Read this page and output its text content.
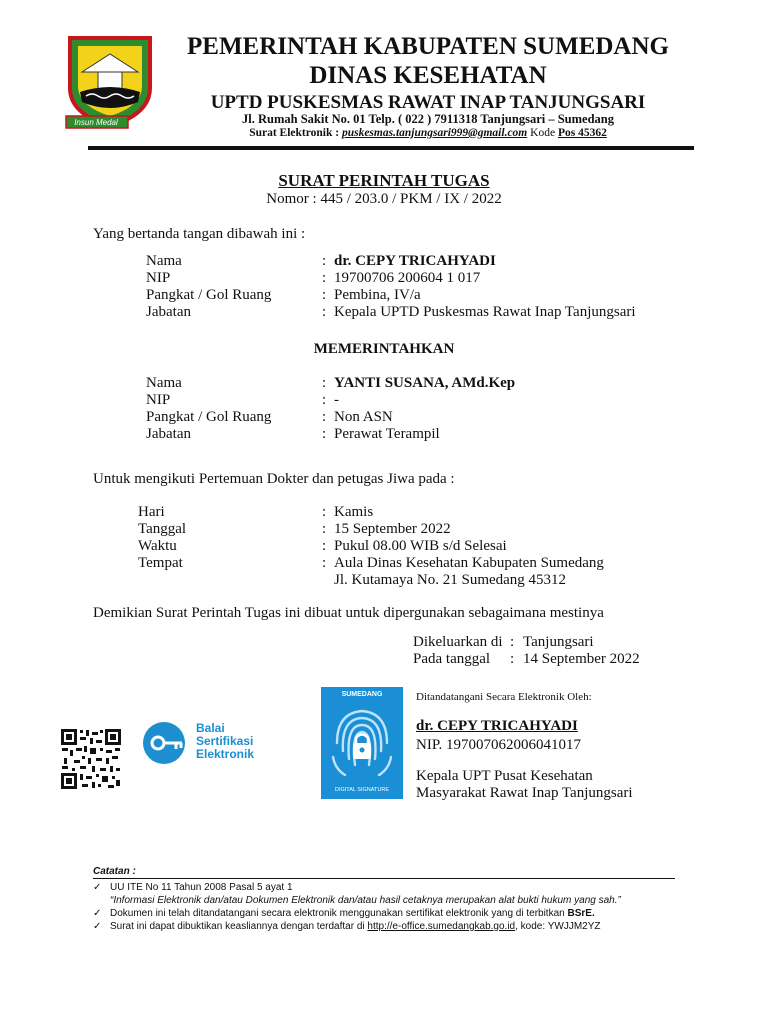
Insun Medal
PEMERINTAH KABUPATEN SUMEDANG
DINAS KESEHATAN
UPTD PUSKESMAS RAWAT INAP TANJUNGSARI
Jl. Rumah Sakit No. 01 Telp. ( 022 ) 7911318 Tanjungsari – Sumedang
Surat Elektronik : puskesmas.tanjungsari999@gmail.com Kode Pos 45362
SURAT PERINTAH TUGAS
Nomor : 445 / 203.0 / PKM / IX / 2022
Yang bertanda tangan dibawah ini :
Nama	: dr. CEPY TRICAHYADI
NIP	: 19700706 200604 1 017
Pangkat / Gol Ruang	: Pembina, IV/a
Jabatan	: Kepala UPTD Puskesmas Rawat Inap Tanjungsari
MEMERINTAHKAN
Nama	: YANTI SUSANA, AMd.Kep
NIP	: -
Pangkat / Gol Ruang	: Non ASN
Jabatan	: Perawat Terampil
Untuk mengikuti Pertemuan Dokter dan petugas Jiwa pada :
Hari	: Kamis
Tanggal	: 15 September 2022
Waktu	: Pukul 08.00 WIB s/d Selesai
Tempat	: Aula Dinas Kesehatan Kabupaten Sumedang
Jl. Kutamaya No. 21 Sumedang 45312
Demikian Surat Perintah Tugas ini dibuat untuk dipergunakan sebagaimana mestinya
Dikeluarkan di : Tanjungsari
Pada tanggal : 14 September 2022
Balai
Sertifikasi
Elektronik
SUMEDANG
DIGITAL SIGNATURE
Ditandatangani Secara Elektronik Oleh:
dr. CEPY TRICAHYADI
NIP. 197007062006041017
Kepala UPT Pusat Kesehatan
Masyarakat Rawat Inap Tanjungsari
Catatan :
✓ UU ITE No 11 Tahun 2008 Pasal 5 ayat 1
“Informasi Elektronik dan/atau Dokumen Elektronik dan/atau hasil cetaknya merupakan alat bukti hukum yang sah.”
✓ Dokumen ini telah ditandatangani secara elektronik menggunakan sertifikat elektronik yang di terbitkan BSrE.
✓ Surat ini dapat dibuktikan keasliannya dengan terdaftar di http://e-office.sumedangkab.go.id, kode: YWJJM2YZ
